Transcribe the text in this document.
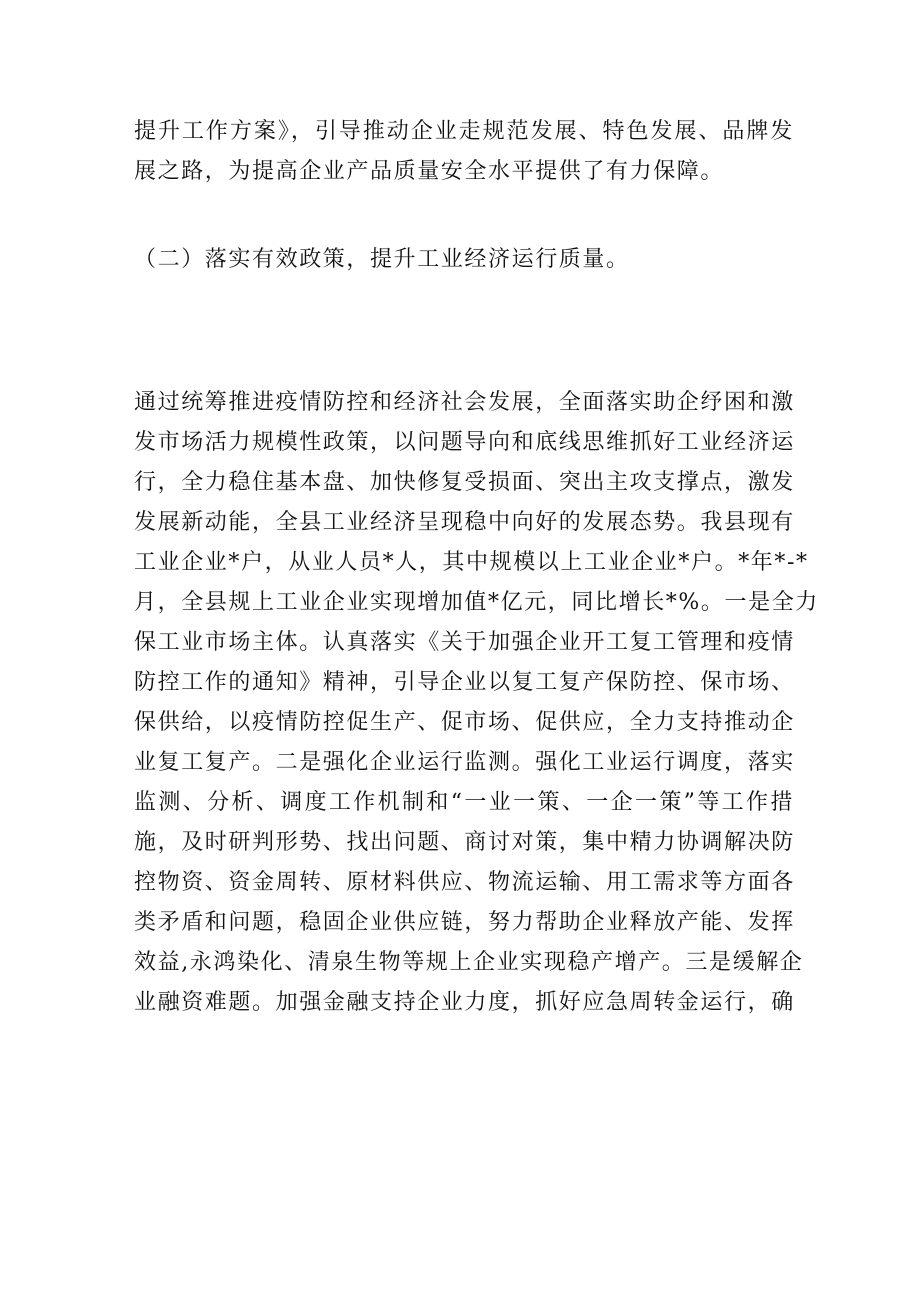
提升工作方案》，引导推动企业走规范发展、特色发展、品牌发
展之路，为提高企业产品质量安全水平提供了有力保障。
（二）落实有效政策，提升工业经济运行质量。
通过统筹推进疫情防控和经济社会发展，全面落实助企纾困和激
发市场活力规模性政策，以问题导向和底线思维抓好工业经济运
行，全力稳住基本盘、加快修复受损面、突出主攻支撑点，激发
发展新动能，全县工业经济呈现稳中向好的发展态势。我县现有
工业企业*户，从业人员*人，其中规模以上工业企业*户。*年*-*
月，全县规上工业企业实现增加值*亿元，同比增长*%。一是全力
保工业市场主体。认真落实《关于加强企业开工复工管理和疫情
防控工作的通知》精神，引导企业以复工复产保防控、保市场、
保供给，以疫情防控促生产、促市场、促供应，全力支持推动企
业复工复产。二是强化企业运行监测。强化工业运行调度，落实
监测、分析、调度工作机制和“一业一策、一企一策”等工作措
施，及时研判形势、找出问题、商讨对策，集中精力协调解决防
控物资、资金周转、原材料供应、物流运输、用工需求等方面各
类矛盾和问题，稳固企业供应链，努力帮助企业释放产能、发挥
效益,永鸿染化、清泉生物等规上企业实现稳产增产。三是缓解企
业融资难题。加强金融支持企业力度，抓好应急周转金运行，确
